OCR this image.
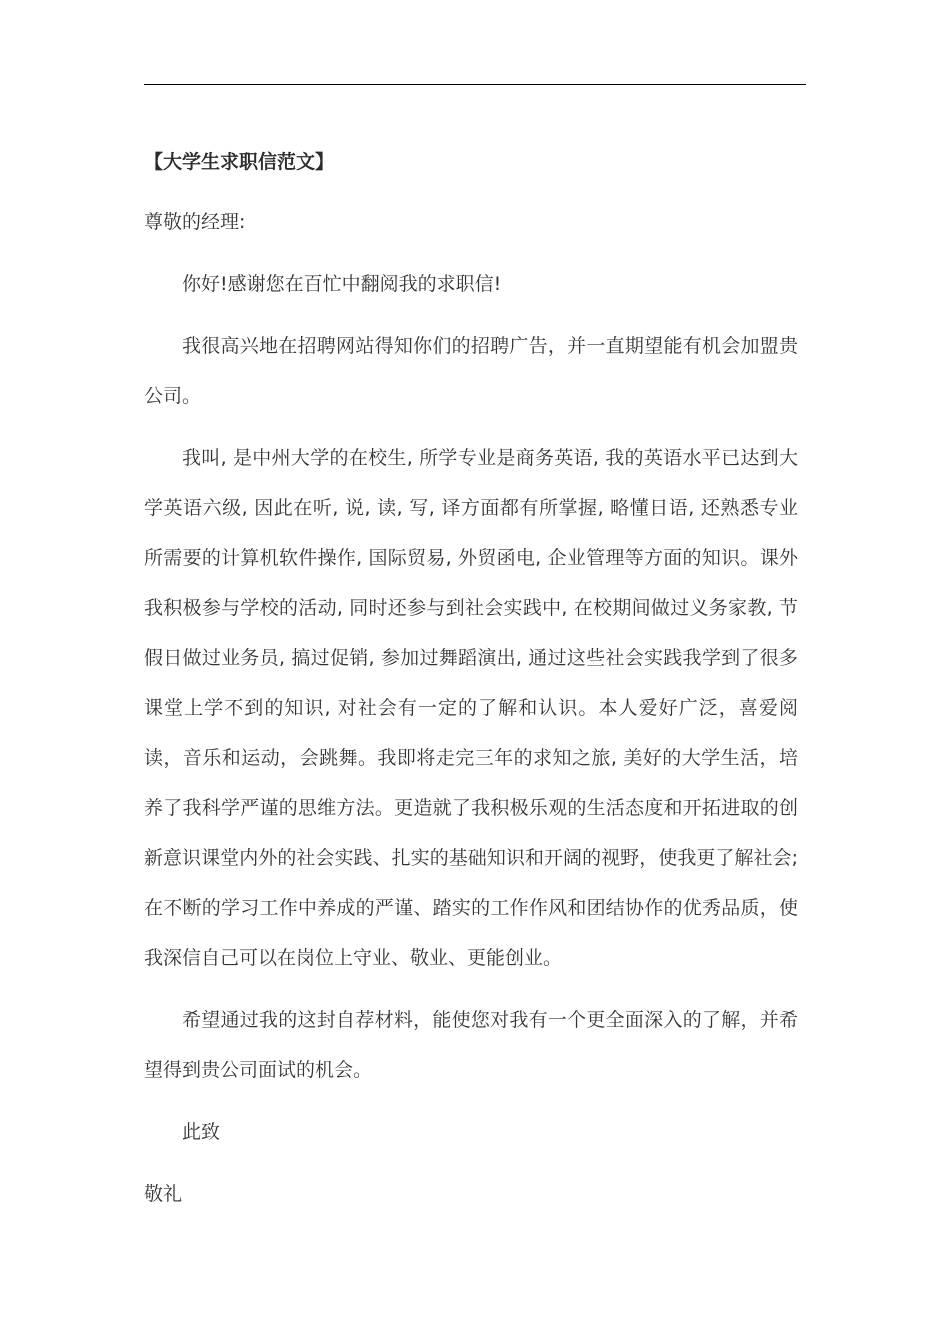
【大学生求职信范文】

尊敬的经理:

你好!感谢您在百忙中翻阅我的求职信!

我很高兴地在招聘网站得知你们的招聘广告，并一直期望能有机会加盟贵公司。

我叫, 是中州大学的在校生, 所学专业是商务英语, 我的英语水平已达到大学英语六级, 因此在听, 说, 读, 写, 译方面都有所掌握, 略懂日语, 还熟悉专业所需要的计算机软件操作, 国际贸易, 外贸函电, 企业管理等方面的知识。课外我积极参与学校的活动, 同时还参与到社会实践中, 在校期间做过义务家教, 节假日做过业务员, 搞过促销, 参加过舞蹈演出, 通过这些社会实践我学到了很多课堂上学不到的知识, 对社会有一定的了解和认识。本人爱好广泛，喜爱阅读，音乐和运动，会跳舞。我即将走完三年的求知之旅, 美好的大学生活，培养了我科学严谨的思维方法。更造就了我积极乐观的生活态度和开拓进取的创新意识课堂内外的社会实践、扎实的基础知识和开阔的视野，使我更了解社会;在不断的学习工作中养成的严谨、踏实的工作作风和团结协作的优秀品质，使我深信自己可以在岗位上守业、敬业、更能创业。

希望通过我的这封自荐材料，能使您对我有一个更全面深入的了解，并希望得到贵公司面试的机会。

此致

敬礼
